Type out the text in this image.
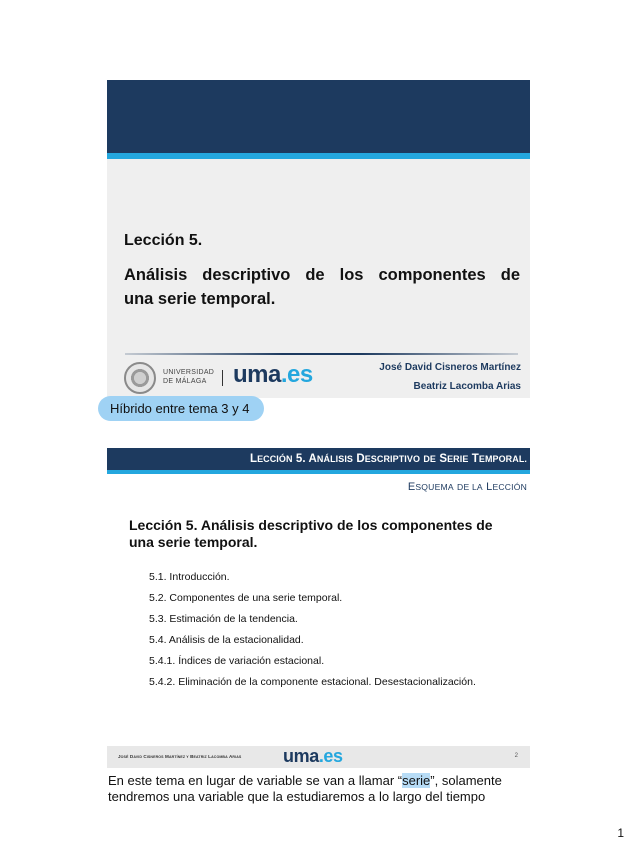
Lección 5.
Análisis descriptivo de los componentes de
una serie temporal.
UNIVERSIDAD
DE MÁLAGA	uma.es	José David Cisneros Martínez
Beatriz Lacomba Arias
Híbrido entre tema 3 y 4
LECCIÓN 5. ANÁLISIS DESCRIPTIVO DE SERIE TEMPORAL.
ESQUEMA DE LA LECCIÓN
Lección 5. Análisis descriptivo de los componentes de una serie temporal.
5.1. Introducción.
5.2. Componentes de una serie temporal.
5.3. Estimación de la tendencia.
5.4. Análisis de la estacionalidad.
5.4.1. Índices de variación estacional.
5.4.2. Eliminación de la componente estacional. Desestacionalización.
JOSÉ DAVID CISNEROS MARTÍNEZ Y BEATRIZ LACOMBA ARIAS uma.es	2
En este tema en lugar de variable se van a llamar “serie”, solamente
tendremos una variable que la estudiaremos a lo largo del tiempo
1
